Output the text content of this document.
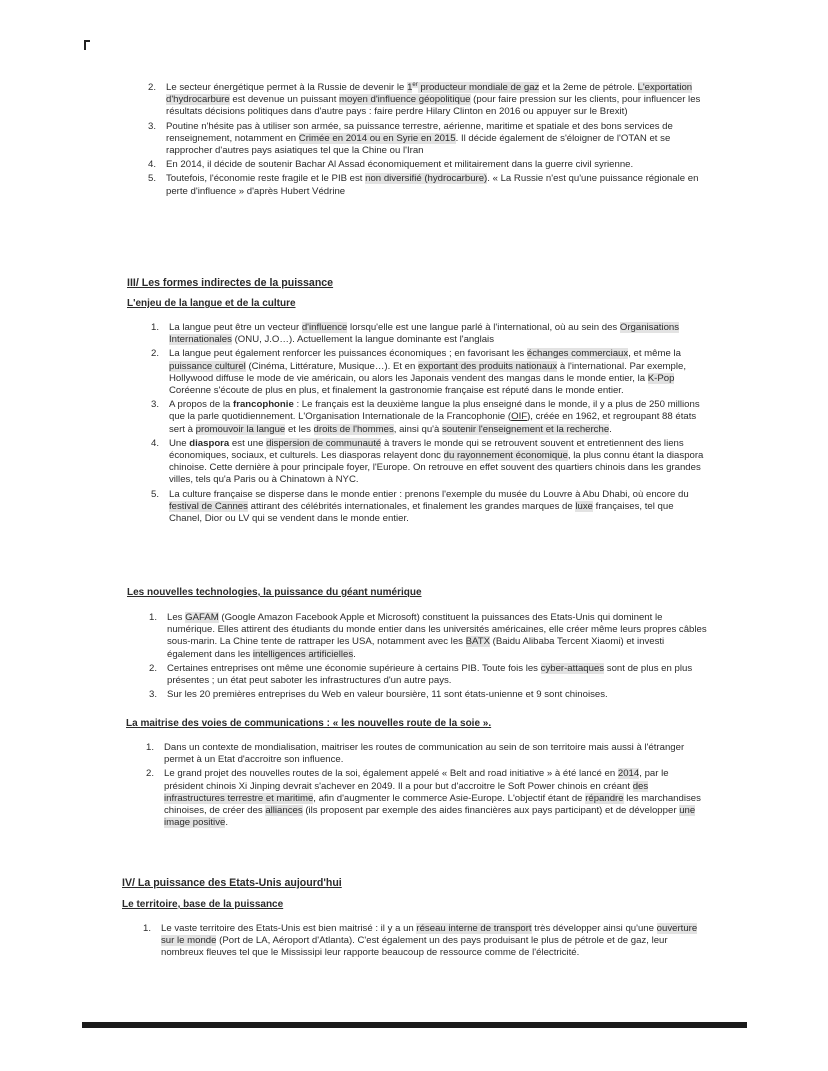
2. Le secteur énergétique permet à la Russie de devenir le 1er producteur mondiale de gaz et la 2eme de pétrole. L'exportation d'hydrocarbure est devenue un puissant moyen d'influence géopolitique (pour faire pression sur les clients, pour influencer les résultats décisions politiques dans d'autre pays : faire perdre Hilary Clinton en 2016 ou appuyer sur le Brexit)
3. Poutine n'hésite pas à utiliser son armée, sa puissance terrestre, aérienne, maritime et spatiale et des bons services de renseignement, notamment en Crimée en 2014 ou en Syrie en 2015. Il décide également de s'éloigner de l'OTAN et se rapprocher d'autres pays asiatiques tel que la Chine ou l'Iran
4. En 2014, il décide de soutenir Bachar Al Assad économiquement et militairement dans la guerre civil syrienne.
5. Toutefois, l'économie reste fragile et le PIB est non diversifié (hydrocarbure). « La Russie n'est qu'une puissance régionale en perte d'influence » d'après Hubert Védrine
III/ Les formes indirectes de la puissance
L'enjeu de la langue et de la culture
1. La langue peut être un vecteur d'influence lorsqu'elle est une langue parlé à l'international, où au sein des Organisations Internationales (ONU, J.O…). Actuellement la langue dominante est l'anglais
2. La langue peut également renforcer les puissances économiques ; en favorisant les échanges commerciaux, et même la puissance culturel (Cinéma, Littérature, Musique…). Et en exportant des produits nationaux à l'international. Par exemple, Hollywood diffuse le mode de vie américain, ou alors les Japonais vendent des mangas dans le monde entier, la K-Pop Coréenne s'écoute de plus en plus, et finalement la gastronomie française est réputé dans le monde entier.
3. A propos de la francophonie : Le français est la deuxième langue la plus enseigné dans le monde, il y a plus de 250 millions que la parle quotidiennement. L'Organisation Internationale de la Francophonie (OIF), créée en 1962, et regroupant 88 états sert à promouvoir la langue et les droits de l'hommes, ainsi qu'à soutenir l'enseignement et la recherche.
4. Une diaspora est une dispersion de communauté à travers le monde qui se retrouvent souvent et entretiennent des liens économiques, sociaux, et culturels. Les diasporas relayent donc du rayonnement économique, la plus connu étant la diaspora chinoise. Cette dernière à pour principale foyer, l'Europe. On retrouve en effet souvent des quartiers chinois dans les grandes villes, tels qu'a Paris ou à Chinatown à NYC.
5. La culture française se disperse dans le monde entier : prenons l'exemple du musée du Louvre à Abu Dhabi, où encore du festival de Cannes attirant des célébrités internationales, et finalement les grandes marques de luxe françaises, tel que Chanel, Dior ou LV qui se vendent dans le monde entier.
Les nouvelles technologies, la puissance du géant numérique
1. Les GAFAM (Google Amazon Facebook Apple et Microsoft) constituent la puissances des Etats-Unis qui dominent le numérique. Elles attirent des étudiants du monde entier dans les universités américaines, elle créer même leurs propres câbles sous-marin. La Chine tente de rattraper les USA, notamment avec les BATX (Baidu Alibaba Tercent Xiaomi) et investi également dans les intelligences artificielles.
2. Certaines entreprises ont même une économie supérieure à certains PIB. Toute fois les cyber-attaques sont de plus en plus présentes ; un état peut saboter les infrastructures d'un autre pays.
3. Sur les 20 premières entreprises du Web en valeur boursière, 11 sont états-unienne et 9 sont chinoises.
La maitrise des voies de communications : « les nouvelles route de la soie ».
1. Dans un contexte de mondialisation, maitriser les routes de communication au sein de son territoire mais aussi à l'étranger permet à un Etat d'accroitre son influence.
2. Le grand projet des nouvelles routes de la soi, également appelé « Belt and road initiative » à été lancé en 2014, par le président chinois Xi Jinping devrait s'achever en 2049. Il a pour but d'accroitre le Soft Power chinois en créant des infrastructures terrestre et maritime, afin d'augmenter le commerce Asie-Europe. L'objectif étant de répandre les marchandises chinoises, de créer des alliances (ils proposent par exemple des aides financières aux pays participant) et de développer une image positive.
IV/ La puissance des Etats-Unis aujourd'hui
Le territoire, base de la puissance
1. Le vaste territoire des Etats-Unis est bien maitrisé : il y a un réseau interne de transport très développer ainsi qu'une ouverture sur le monde (Port de LA, Aéroport d'Atlanta). C'est également un des pays produisant le plus de pétrole et de gaz, leur nombreux fleuves tel que le Mississipi leur rapporte beaucoup de ressource comme de l'électricité.
